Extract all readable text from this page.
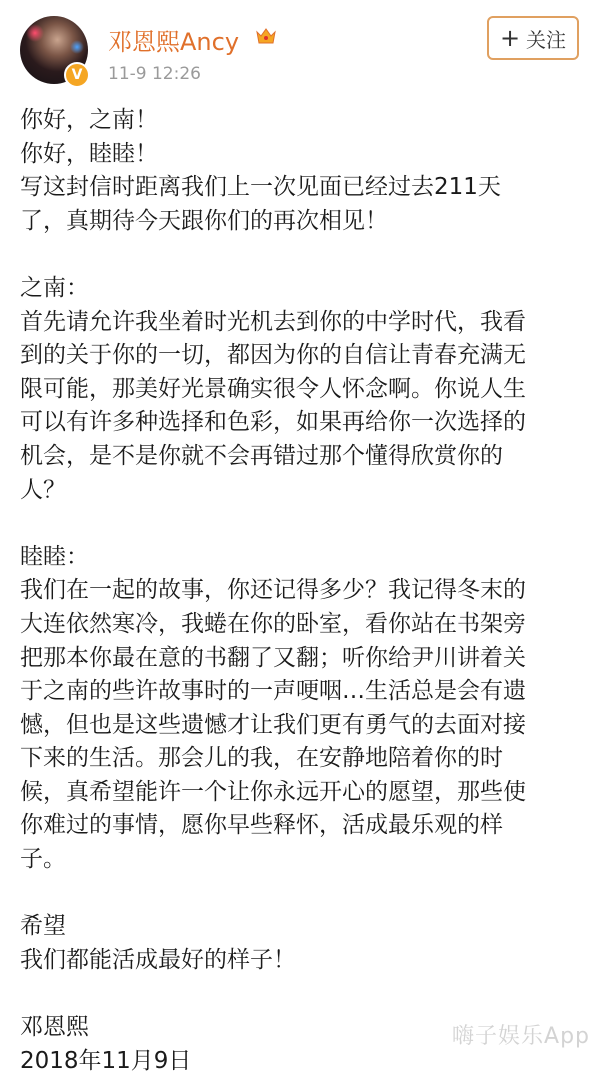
V
邓恩熙Ancy
11-9 12:26
+ 关注
你好，之南！
你好，睦睦！
写这封信时距离我们上一次见面已经过去211天
了，真期待今天跟你们的再次相见！
之南：
首先请允许我坐着时光机去到你的中学时代，我看
到的关于你的一切，都因为你的自信让青春充满无
限可能，那美好光景确实很令人怀念啊。你说人生
可以有许多种选择和色彩，如果再给你一次选择的
机会，是不是你就不会再错过那个懂得欣赏你的
人？
睦睦：
我们在一起的故事，你还记得多少？我记得冬末的
大连依然寒冷，我蜷在你的卧室，看你站在书架旁
把那本你最在意的书翻了又翻；听你给尹川讲着关
于之南的些许故事时的一声哽咽…生活总是会有遗
憾，但也是这些遗憾才让我们更有勇气的去面对接
下来的生活。那会儿的我，在安静地陪着你的时
候，真希望能许一个让你永远开心的愿望，那些使
你难过的事情，愿你早些释怀，活成最乐观的样
子。
希望
我们都能活成最好的样子！
邓恩熙
2018年11月9日
嗨子娱乐App
